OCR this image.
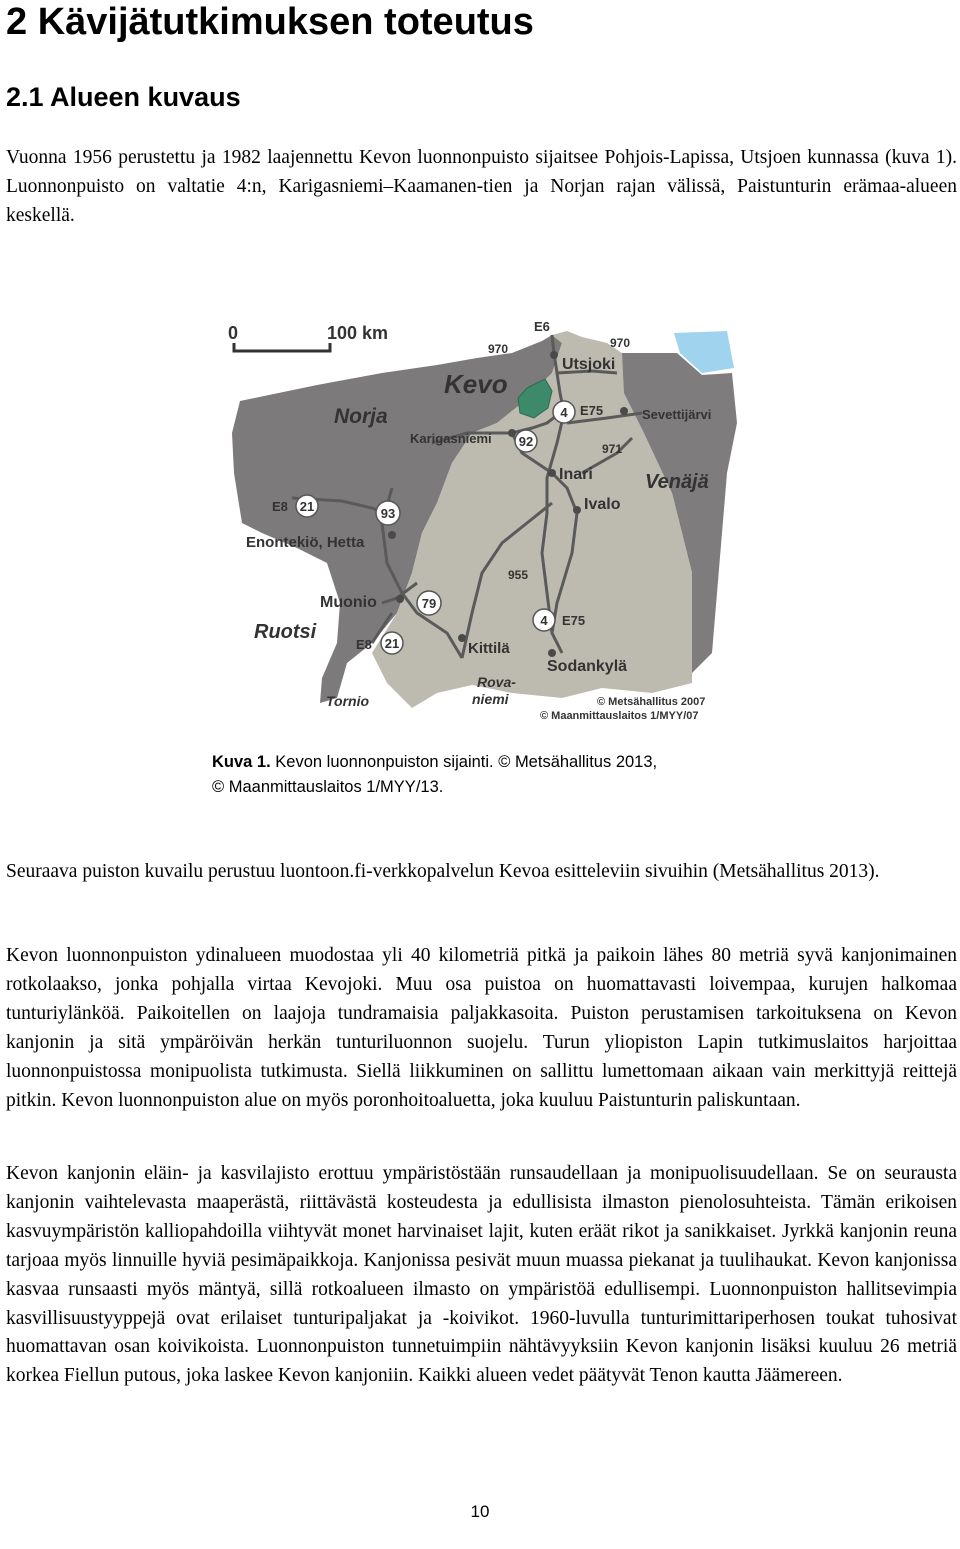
2 Kävijätutkimuksen toteutus
2.1 Alueen kuvaus

Vuonna 1956 perustettu ja 1982 laajennettu Kevon luonnonpuisto sijaitsee Pohjois-Lapissa, Utsjoen kunnassa (kuva 1). Luonnonpuisto on valtatie 4:n, Karigasniemi–Kaamanen-tien ja Norjan rajan välissä, Paistunturin erämaa-alueen keskellä.

0	100 km
Kevo
Norja
Venäjä
Ruotsi
Utsjoki
Karigasniemi
Sevettijärvi
Inari
Ivalo
Enontekiö, Hetta
Muonio
Kittilä
Sodankylä
Rova-
niemi
Tornio
E6
970	970
E75
971
E8
E8
955
E75
4
92
21	93
79
21
4
© Metsähallitus 2007
© Maanmittauslaitos 1/MYY/07
Kuva 1. Kevon luonnonpuiston sijainti. © Metsähallitus 2013,
© Maanmittauslaitos 1/MYY/13.

Seuraava puiston kuvailu perustuu luontoon.fi-verkkopalvelun Kevoa esitteleviin sivuihin (Metsähallitus 2013).

Kevon luonnonpuiston ydinalueen muodostaa yli 40 kilometriä pitkä ja paikoin lähes 80 metriä syvä kanjonimainen rotkolaakso, jonka pohjalla virtaa Kevojoki. Muu osa puistoa on huomattavasti loivempaa, kurujen halkomaa tunturiylänköä. Paikoitellen on laajoja tundramaisia paljakkasoita. Puiston perustamisen tarkoituksena on Kevon kanjonin ja sitä ympäröivän herkän tunturiluonnon suojelu. Turun yliopiston Lapin tutkimuslaitos harjoittaa luonnonpuistossa monipuolista tutkimusta. Siellä liikkuminen on sallittu lumettomaan aikaan vain merkittyjä reittejä pitkin. Kevon luonnonpuiston alue on myös poronhoitoaluetta, joka kuuluu Paistunturin paliskuntaan.

Kevon kanjonin eläin- ja kasvilajisto erottuu ympäristöstään runsaudellaan ja monipuolisuudellaan. Se on seurausta kanjonin vaihtelevasta maaperästä, riittävästä kosteudesta ja edullisista ilmaston pienolosuhteista. Tämän erikoisen kasvuympäristön kalliopahdoilla viihtyvät monet harvinaiset lajit, kuten eräät rikot ja sanikkaiset. Jyrkkä kanjonin reuna tarjoaa myös linnuille hyviä pesimäpaikkoja. Kanjonissa pesivät muun muassa piekanat ja tuulihaukat. Kevon kanjonissa kasvaa runsaasti myös mäntyä, sillä rotkoalueen ilmasto on ympäristöä edullisempi. Luonnonpuiston hallitsevimpia kasvillisuustyyppejä ovat erilaiset tunturipaljakat ja -koivikot. 1960-luvulla tunturimittariperhosen toukat tuhosivat huomattavan osan koivikoista. Luonnonpuiston tunnetuimpiin nähtävyyksiin Kevon kanjonin lisäksi kuuluu 26 metriä korkea Fiellun putous, joka laskee Kevon kanjoniin. Kaikki alueen vedet päätyvät Tenon kautta Jäämereen.

10
